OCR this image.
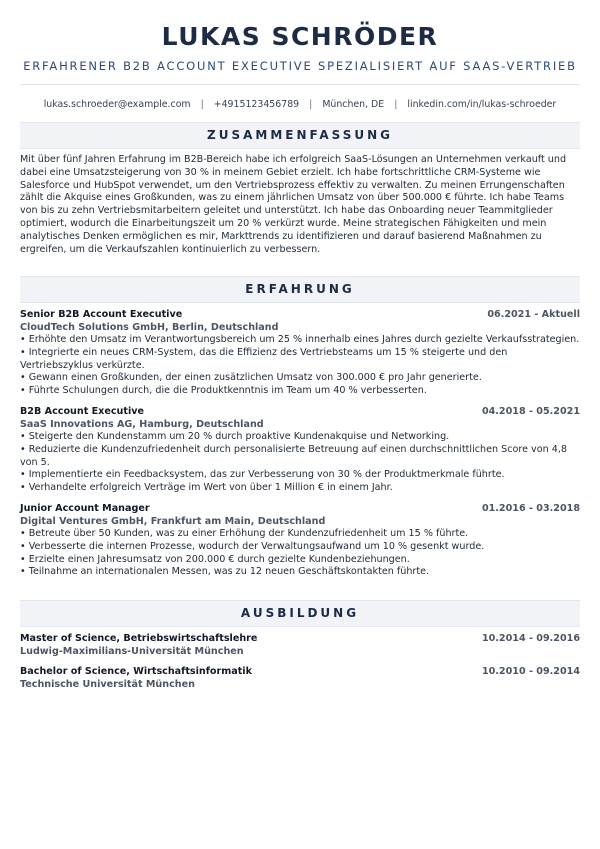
LUKAS SCHRÖDER
ERFAHRENER B2B ACCOUNT EXECUTIVE SPEZIALISIERT AUF SAAS-VERTRIEB
lukas.schroeder@example.com	|	+4915123456789	|	München, DE	|	linkedin.com/in/lukas-schroeder
ZUSAMMENFASSUNG

Mit über fünf Jahren Erfahrung im B2B-Bereich habe ich erfolgreich SaaS-Lösungen an Unternehmen verkauft und dabei eine Umsatzsteigerung von 30 % in meinem Gebiet erzielt. Ich habe fortschrittliche CRM-Systeme wie Salesforce und HubSpot verwendet, um den Vertriebsprozess effektiv zu verwalten. Zu meinen Errungenschaften zählt die Akquise eines Großkunden, was zu einem jährlichen Umsatz von über 500.000 € führte. Ich habe Teams von bis zu zehn Vertriebsmitarbeitern geleitet und unterstützt. Ich habe das Onboarding neuer Teammitglieder optimiert, wodurch die Einarbeitungszeit um 20 % verkürzt wurde. Meine strategischen Fähigkeiten und mein analytisches Denken ermöglichen es mir, Markttrends zu identifizieren und darauf basierend Maßnahmen zu ergreifen, um die Verkaufszahlen kontinuierlich zu verbessern.

ERFAHRUNG
Senior B2B Account Executive	06.2021 - Aktuell
CloudTech Solutions GmbH, Berlin, Deutschland
• Erhöhte den Umsatz im Verantwortungsbereich um 25 % innerhalb eines Jahres durch gezielte Verkaufsstrategien.
• Integrierte ein neues CRM-System, das die Effizienz des Vertriebsteams um 15 % steigerte und den Vertriebszyklus verkürzte.
• Gewann einen Großkunden, der einen zusätzlichen Umsatz von 300.000 € pro Jahr generierte.
• Führte Schulungen durch, die die Produktkenntnis im Team um 40 % verbesserten.
B2B Account Executive	04.2018 - 05.2021
SaaS Innovations AG, Hamburg, Deutschland
• Steigerte den Kundenstamm um 20 % durch proaktive Kundenakquise und Networking.
• Reduzierte die Kundenzufriedenheit durch personalisierte Betreuung auf einen durchschnittlichen Score von 4,8 von 5.
• Implementierte ein Feedbacksystem, das zur Verbesserung von 30 % der Produktmerkmale führte.
• Verhandelte erfolgreich Verträge im Wert von über 1 Million € in einem Jahr.
Junior Account Manager	01.2016 - 03.2018
Digital Ventures GmbH, Frankfurt am Main, Deutschland
• Betreute über 50 Kunden, was zu einer Erhöhung der Kundenzufriedenheit um 15 % führte.
• Verbesserte die internen Prozesse, wodurch der Verwaltungsaufwand um 10 % gesenkt wurde.
• Erzielte einen Jahresumsatz von 200.000 € durch gezielte Kundenbeziehungen.
• Teilnahme an internationalen Messen, was zu 12 neuen Geschäftskontakten führte.
AUSBILDUNG
Master of Science, Betriebswirtschaftslehre	10.2014 - 09.2016
Ludwig-Maximilians-Universität München
Bachelor of Science, Wirtschaftsinformatik	10.2010 - 09.2014
Technische Universität München
